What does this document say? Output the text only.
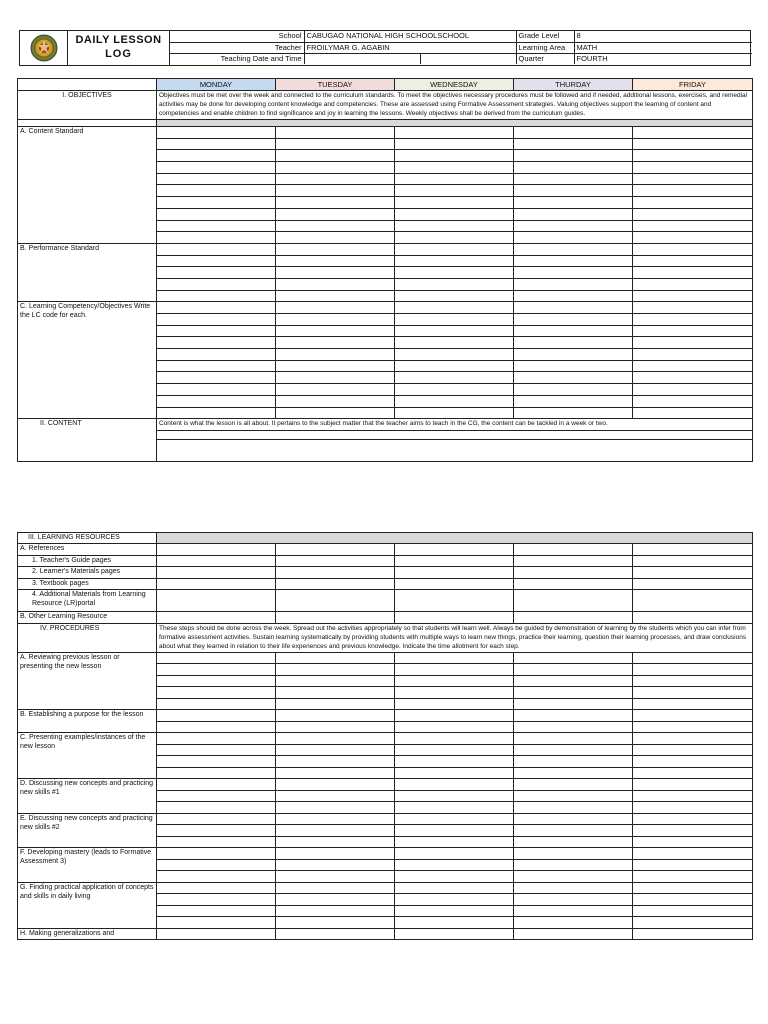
DAILY LESSON
LOG
School	CABUGAO NATIONAL HIGH SCHOOLSCHOOL	Grade Level	8
Teacher	FROILYMAR G. AGABIN	Learning Area	MATH
Teaching Date and Time		Quarter	FOURTH
	MONDAY	TUESDAY	WEDNESDAY	THURDAY	FRIDAY
I. OBJECTIVES	Objectives must be met over the week and connected to the curriculum standards. To meet the objectives necessary procedures must be followed and if needed, additional lessons, exercises, and remedial activities may be done for developing content knowledge and competencies. These are assessed using Formative Assessment strategies. Valuing objectives support the learning of content and competencies and enable children to find significance and joy in learning the lessons. Weekly objectives shall be derived from the curriculum guides.				

A. Content Standard					

B. Performance Standard					

C. Learning Competency/Objectives Write the LC code for each.					

II. CONTENT	Content is what the lesson is all about. It pertains to the subject matter that the teacher aims to teach in the CG, the content can be tackled in a week or two.				

III. LEARNING RESOURCES					
A. References					
1. Teacher's Guide pages					
2. Learner's Materials pages					
3. Textbook pages					
4. Additional Materials from Learning Resource (LR)portal					
B. Other Learning Resource					
IV. PROCEDURES	These steps should be done across the week. Spread out the activities appropriately so that students will learn well. Always be guided by demonstration of learning by the students which you can infer from formative assessment activities. Sustain learning systematically by providing students with multiple ways to learn new things, practice their learning, question their learning processes, and draw conclusions about what they learned in relation to their life experiences and previous knowledge. Indicate the time allotment for each step.				
A. Reviewing previous lesson or presenting the new lesson					

B. Establishing a purpose for the lesson					

C. Presenting examples/instances of the new lesson					

D. Discussing new concepts and practicing new skills #1					

E. Discussing new concepts and practicing new skills #2					

F. Developing mastery (leads to Formative Assessment 3)					

G. Finding practical application of concepts and skills in daily living					

H. Making generalizations and					
